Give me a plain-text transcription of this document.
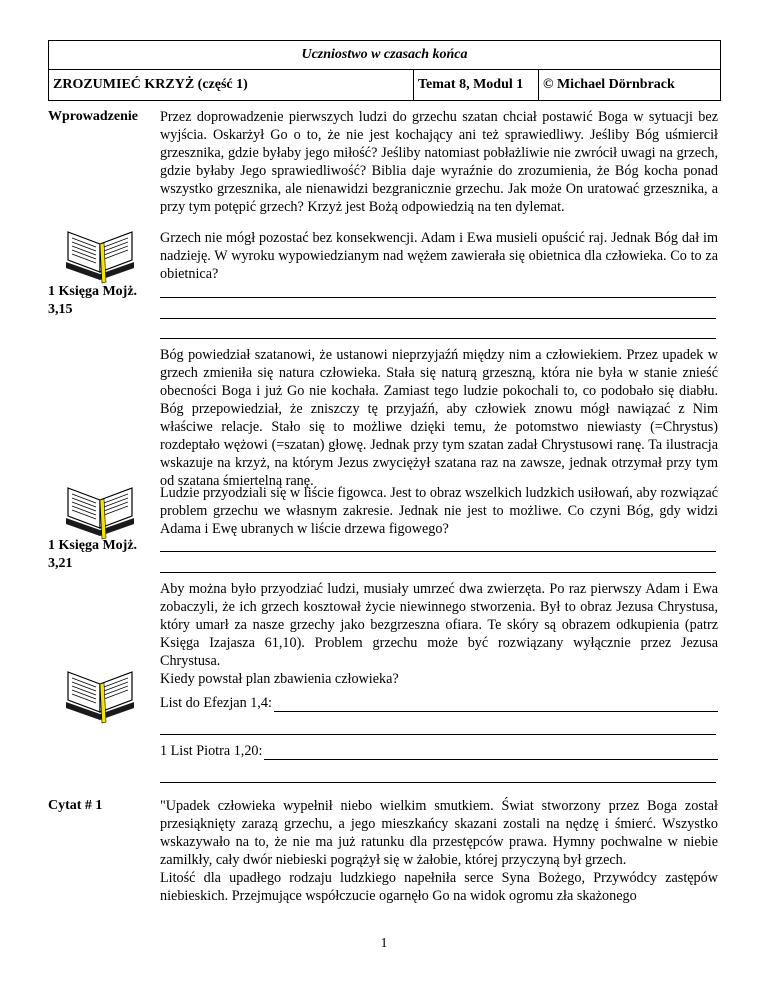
Uczniostwo w czasach końca
ZROZUMIEĆ KRZYŻ (część 1)	Temat 8, Modul 1	© Michael Dörnbrack
Wprowadzenie Przez doprowadzenie pierwszych ludzi do grzechu szatan chciał postawić Boga w sytuacji bez wyjścia. Oskarżył Go o to, że nie jest kochający ani też sprawiedliwy. Jeśliby Bóg uśmiercił grzesznika, gdzie byłaby jego miłość? Jeśliby natomiast pobłażliwie nie zwrócił uwagi na grzech, gdzie byłaby Jego sprawiedliwość? Biblia daje wyraźnie do zrozumienia, że Bóg kocha ponad wszystko grzesznika, ale nienawidzi bezgranicznie grzechu. Jak może On uratować grzesznika, a przy tym potępić grzech? Krzyż jest Bożą odpowiedzią na ten dylemat.
Grzech nie mógł pozostać bez konsekwencji. Adam i Ewa musieli opuścić raj. Jednak Bóg dał im nadzieję. W wyroku wypowiedzianym nad wężem zawierała się obietnica dla człowieka. Co to za obietnica?
1 Księga Mojż.
3,15
Bóg powiedział szatanowi, że ustanowi nieprzyjaźń między nim a człowiekiem. Przez upadek w grzech zmieniła się natura człowieka. Stała się naturą grzeszną, która nie była w stanie znieść obecności Boga i już Go nie kochała. Zamiast tego ludzie pokochali to, co podobało się diabłu. Bóg przepowiedział, że zniszczy tę przyjaźń, aby człowiek znowu mógł nawiązać z Nim właściwe relacje. Stało się to możliwe dzięki temu, że potomstwo niewiasty (=Chrystus) rozdeptało wężowi (=szatan) głowę. Jednak przy tym szatan zadał Chrystusowi ranę. Ta ilustracja wskazuje na krzyż, na którym Jezus zwyciężył szatana raz na zawsze, jednak otrzymał przy tym od szatana śmiertelną ranę.
Ludzie przyodziali się w liście figowca. Jest to obraz wszelkich ludzkich usiłowań, aby rozwiązać problem grzechu we własnym zakresie. Jednak nie jest to możliwe. Co czyni Bóg, gdy widzi Adama i Ewę ubranych w liście drzewa figowego?
1 Księga Mojż.
3,21
Aby można było przyodziać ludzi, musiały umrzeć dwa zwierzęta. Po raz pierwszy Adam i Ewa zobaczyli, że ich grzech kosztował życie niewinnego stworzenia. Był to obraz Jezusa Chrystusa, który umarł za nasze grzechy jako bezgrzeszna ofiara. Te skóry są obrazem odkupienia (patrz Księga Izajasza 61,10). Problem grzechu może być rozwiązany wyłącznie przez Jezusa Chrystusa.
Kiedy powstał plan zbawienia człowieka?
List do Efezjan 1,4:
1 List Piotra 1,20:
Cytat # 1	"Upadek człowieka wypełnił niebo wielkim smutkiem. Świat stworzony przez Boga został przesiąknięty zarazą grzechu, a jego mieszkańcy skazani zostali na nędzę i śmierć. Wszystko wskazywało na to, że nie ma już ratunku dla przestępców prawa. Hymny pochwalne w niebie zamilkły, cały dwór niebieski pogrążył się w żałobie, której przyczyną był grzech.

Litość dla upadłego rodzaju ludzkiego napełniła serce Syna Bożego, Przywódcy zastępów niebieskich. Przejmujące współczucie ogarnęło Go na widok ogromu zła skażonego

1
